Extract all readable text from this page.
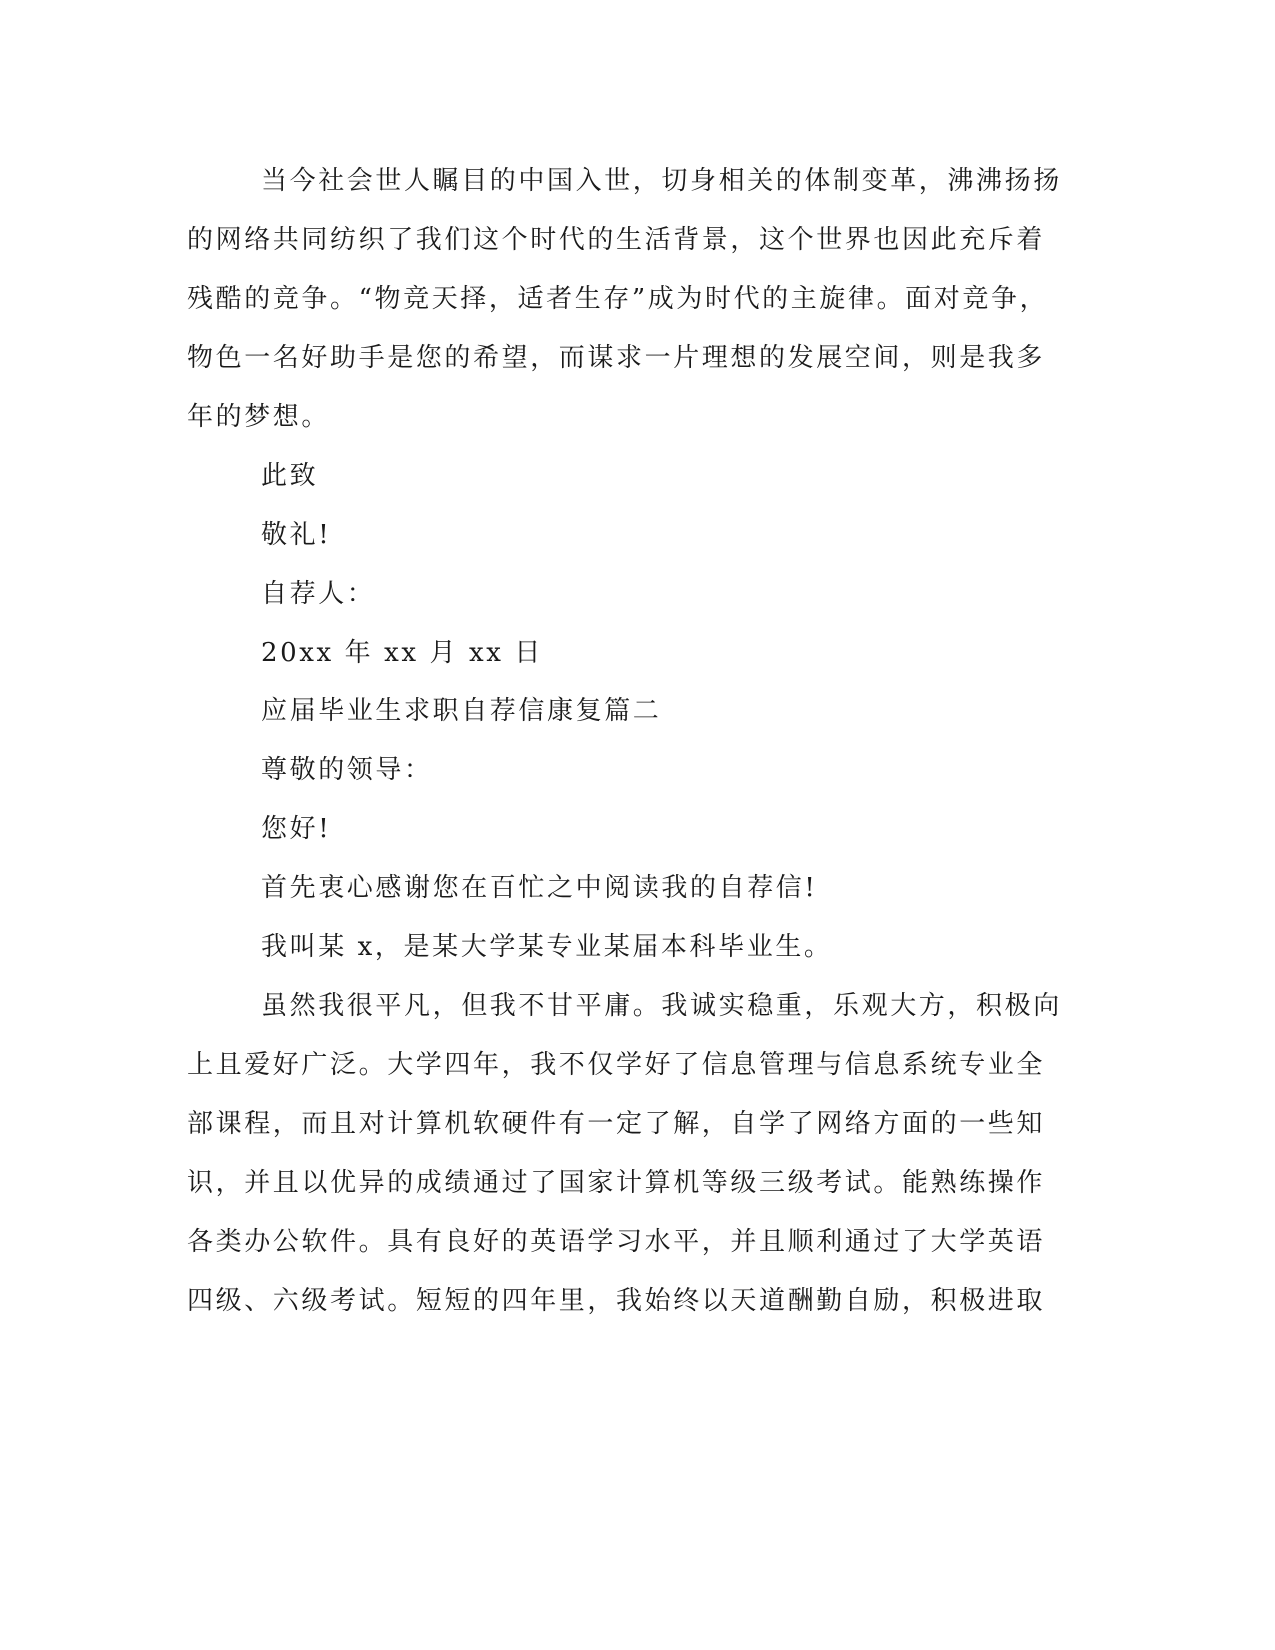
当今社会世人瞩目的中国入世，切身相关的体制变革，沸沸扬扬
的网络共同纺织了我们这个时代的生活背景，这个世界也因此充斥着
残酷的竞争。“物竞天择，适者生存”成为时代的主旋律。面对竞争，
物色一名好助手是您的希望，而谋求一片理想的发展空间，则是我多
年的梦想。
此致
敬礼!
自荐人：
20xx 年 xx 月 xx 日
应届毕业生求职自荐信康复篇二
尊敬的领导：
您好!
首先衷心感谢您在百忙之中阅读我的自荐信!
我叫某 x，是某大学某专业某届本科毕业生。
虽然我很平凡，但我不甘平庸。我诚实稳重，乐观大方，积极向
上且爱好广泛。大学四年，我不仅学好了信息管理与信息系统专业全
部课程，而且对计算机软硬件有一定了解，自学了网络方面的一些知
识，并且以优异的成绩通过了国家计算机等级三级考试。能熟练操作
各类办公软件。具有良好的英语学习水平，并且顺利通过了大学英语
四级、六级考试。短短的四年里，我始终以天道酬勤自励，积极进取
